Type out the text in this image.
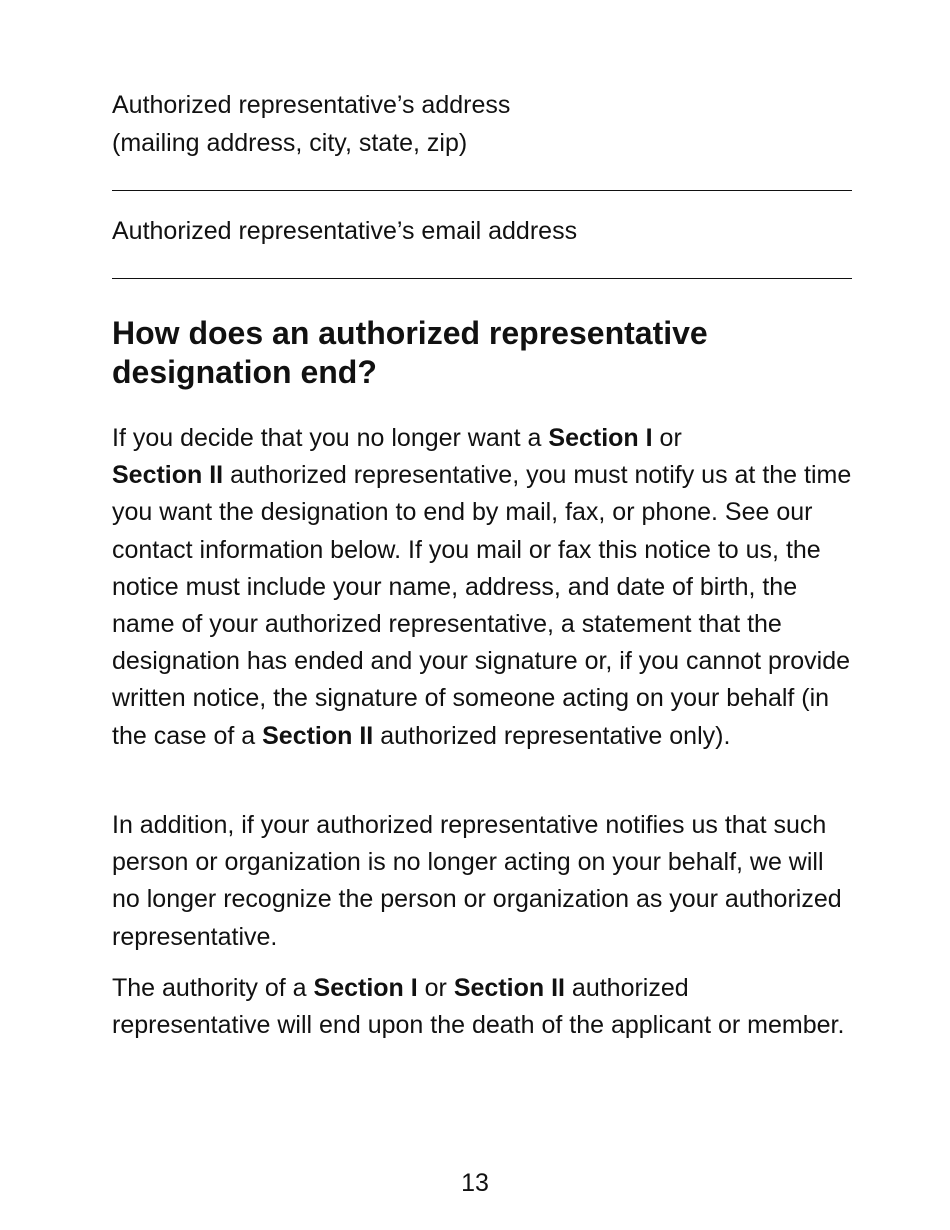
Authorized representative’s address

(mailing address, city, state, zip)

Authorized representative’s email address

How does an authorized representative
designation end?

If you decide that you no longer want a Section I or
Section II authorized representative, you must notify us at the time you want the designation to end by mail, fax, or phone. See our contact information below. If you mail or fax this notice to us, the notice must include your name, address, and date of birth, the name of your authorized representative, a statement that the designation has ended and your signature or, if you cannot provide written notice, the signature of someone acting on your behalf (in the case of a Section II authorized representative only).

In addition, if your authorized representative notifies us that such person or organization is no longer acting on your behalf, we will no longer recognize the person or organization as your authorized representative.

The authority of a Section I or Section II authorized representative will end upon the death of the applicant or member.

13
